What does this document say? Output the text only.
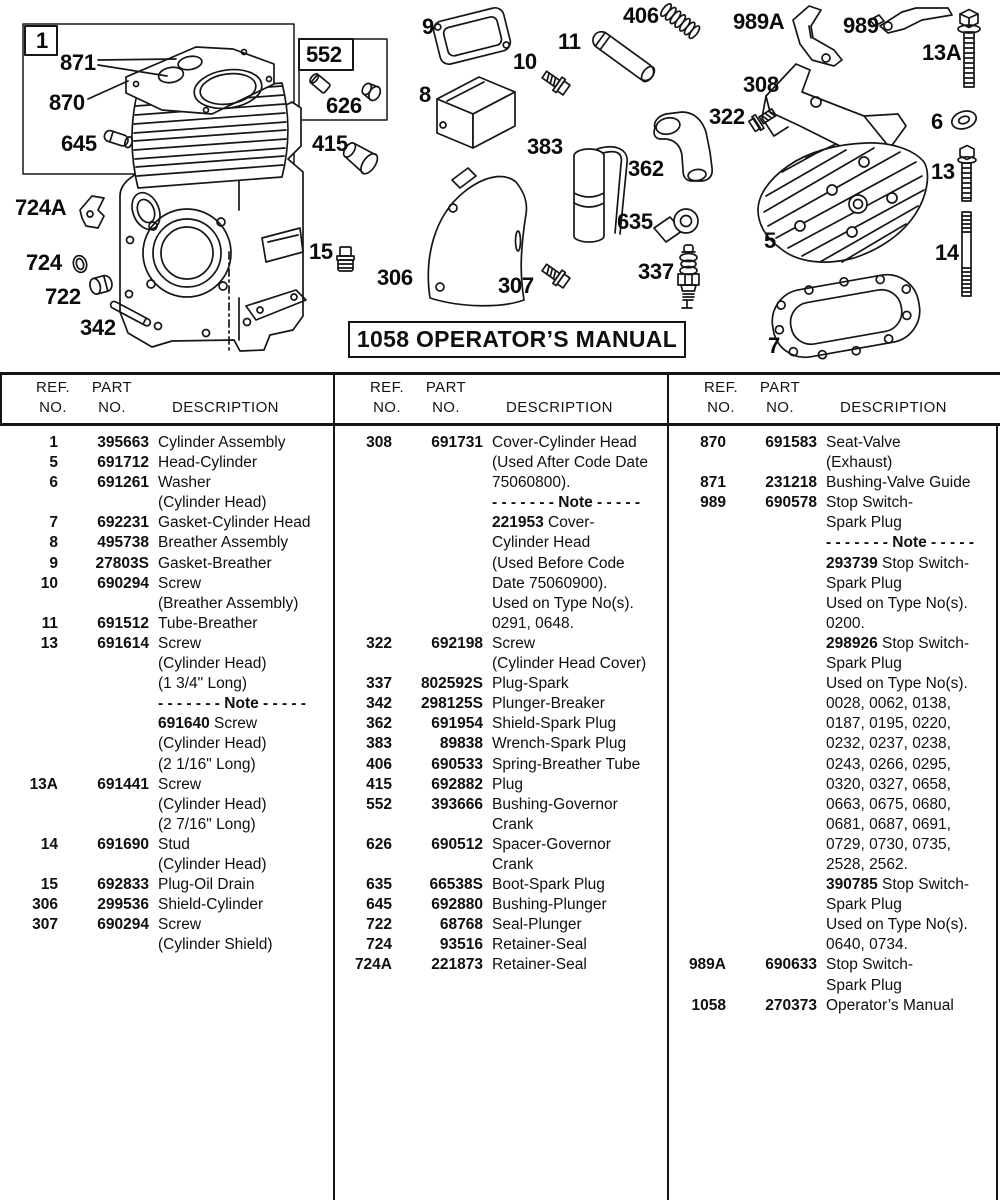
1
552
871
870
645
724A
724
722
342
626
415
9
10
8
11
406
383
362
635
337
306	307
15
989A	989
13A
308
322	6
13
5	14
7
1058 OPERATOR’S MANUAL
REF.
NO.
PART
NO.	DESCRIPTION
REF.
NO.
PART
NO.	DESCRIPTION
REF.
NO.
PART
NO.	DESCRIPTION
1	395663 Cylinder Assembly
5	691712 Head-Cylinder
6	691261 Washer
(Cylinder Head)
7	692231 Gasket-Cylinder Head
8	495738 Breather Assembly
9	27803S Gasket-Breather
10	690294 Screw
(Breather Assembly)
11	691512 Tube-Breather
13	691614 Screw
(Cylinder Head)
(1 3/4" Long)
- - - - - - - Note - - - - -
691640 Screw
(Cylinder Head)
(2 1/16" Long)
13A	691441 Screw
(Cylinder Head)
(2 7/16" Long)
14	691690 Stud
(Cylinder Head)
15	692833 Plug-Oil Drain
306	299536 Shield-Cylinder
307	690294 Screw
(Cylinder Shield)
308	691731 Cover-Cylinder Head
(Used After Code Date
75060800).
- - - - - - - Note - - - - -
221953 Cover-
Cylinder Head
(Used Before Code
Date 75060900).
Used on Type No(s).
0291, 0648.
322	692198 Screw
(Cylinder Head Cover)
337	802592S Plug-Spark
342	298125S Plunger-Breaker
362	691954 Shield-Spark Plug
383	89838 Wrench-Spark Plug
406	690533 Spring-Breather Tube
415	692882 Plug
552	393666 Bushing-Governor
Crank
626	690512 Spacer-Governor
Crank
635	66538S Boot-Spark Plug
645	692880 Bushing-Plunger
722	68768 Seal-Plunger
724	93516 Retainer-Seal
724A	221873 Retainer-Seal
870	691583 Seat-Valve
(Exhaust)
871	231218 Bushing-Valve Guide
989	690578 Stop Switch-
Spark Plug
- - - - - - - Note - - - - -
293739 Stop Switch-
Spark Plug
Used on Type No(s).
0200.
298926 Stop Switch-
Spark Plug
Used on Type No(s).
0028, 0062, 0138,
0187, 0195, 0220,
0232, 0237, 0238,
0243, 0266, 0295,
0320, 0327, 0658,
0663, 0675, 0680,
0681, 0687, 0691,
0729, 0730, 0735,
2528, 2562.
390785 Stop Switch-
Spark Plug
Used on Type No(s).
0640, 0734.
989A	690633 Stop Switch-
Spark Plug
1058	270373 Operator’s Manual
